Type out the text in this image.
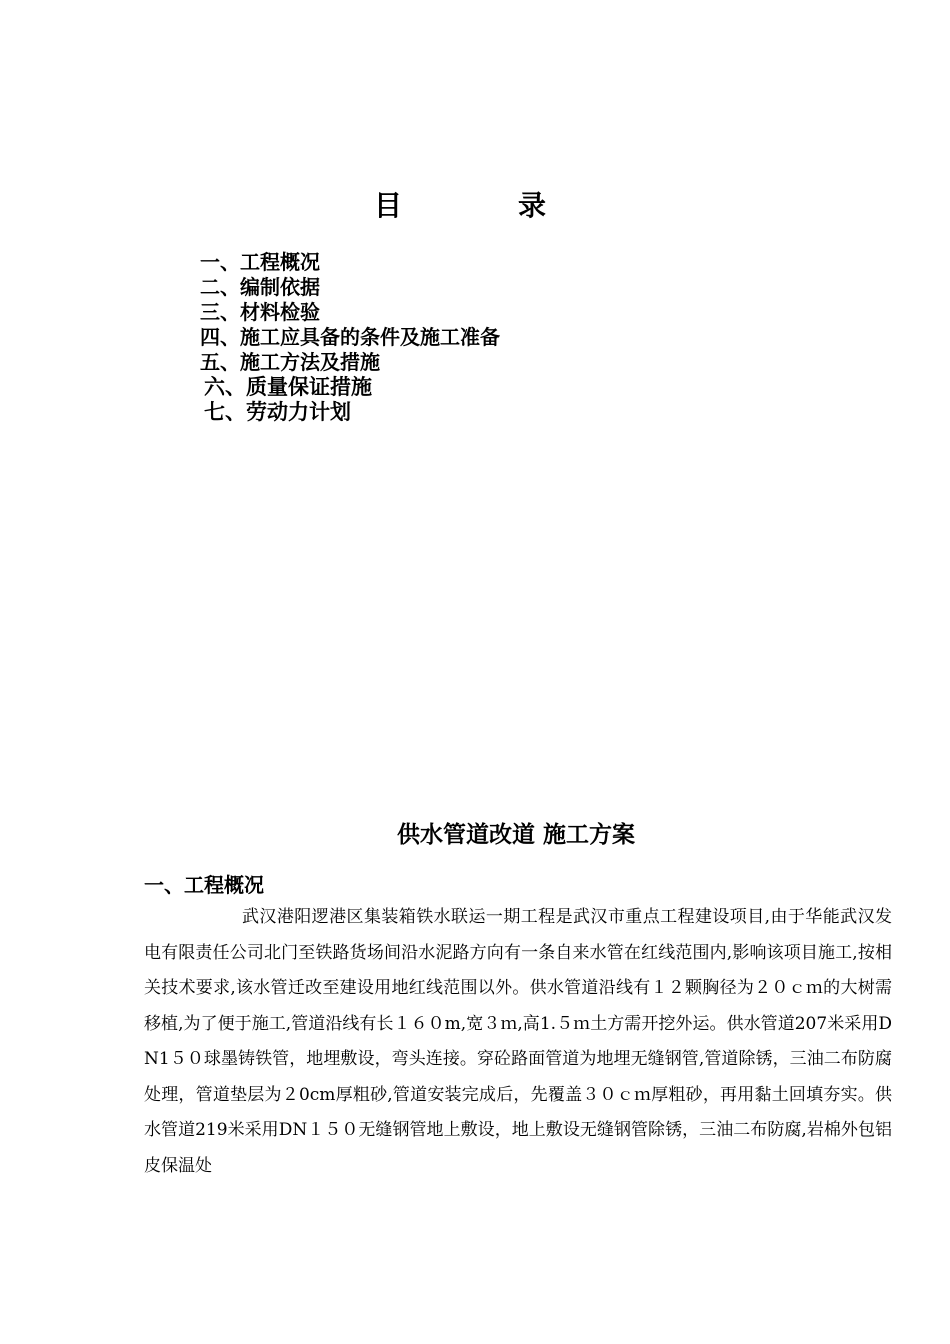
目录
一、工程概况
二、编制依据
三、材料检验
四、施工应具备的条件及施工准备
五、施工方法及措施
六、质量保证措施
七、劳动力计划
供水管道改道 施工方案
一、工程概况

武汉港阳逻港区集装箱铁水联运一期工程是武汉市重点工程建设项目,由于华能武汉发电有限责任公司北门至铁路货场间沿水泥路方向有一条自来水管在红线范围内,影响该项目施工,按相关技术要求,该水管迁改至建设用地红线范围以外。供水管道沿线有１２颗胸径为２０ｃｍ的大树需移植,为了便于施工,管道沿线有长１６０m,宽３ｍ,高1.５ｍ土方需开挖外运。供水管道207米采用DN1５０球墨铸铁管，地埋敷设，弯头连接。穿砼路面管道为地埋无缝钢管,管道除锈，三油二布防腐处理，管道垫层为２0cm厚粗砂,管道安装完成后，先覆盖３０ｃｍ厚粗砂，再用黏土回填夯实。供水管道219米采用DN１５０无缝钢管地上敷设，地上敷设无缝钢管除锈，三油二布防腐,岩棉外包铝皮保温处
